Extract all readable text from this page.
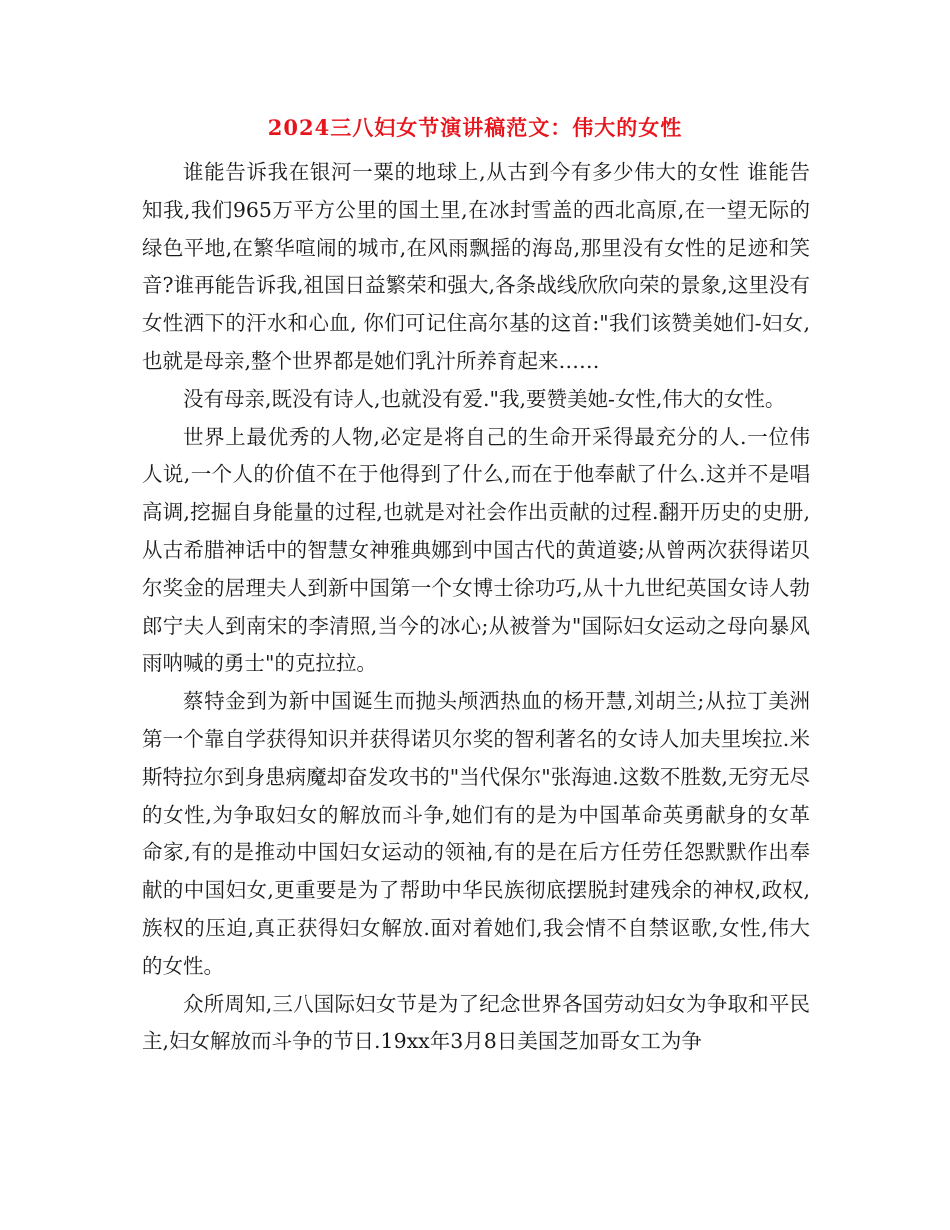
2024三八妇女节演讲稿范文：伟大的女性

谁能告诉我在银河一粟的地球上,从古到今有多少伟大的女性 谁能告知我,我们965万平方公里的国土里,在冰封雪盖的西北高原,在一望无际的绿色平地,在繁华喧闹的城市,在风雨飘摇的海岛,那里没有女性的足迹和笑音?谁再能告诉我,祖国日益繁荣和强大,各条战线欣欣向荣的景象,这里没有女性洒下的汗水和心血, 你们可记住高尔基的这首:"我们该赞美她们-妇女,也就是母亲,整个世界都是她们乳汁所养育起来……

没有母亲,既没有诗人,也就没有爱."我,要赞美她-女性,伟大的女性。

世界上最优秀的人物,必定是将自己的生命开采得最充分的人.一位伟人说,一个人的价值不在于他得到了什么,而在于他奉献了什么.这并不是唱高调,挖掘自身能量的过程,也就是对社会作出贡献的过程.翻开历史的史册,从古希腊神话中的智慧女神雅典娜到中国古代的黄道婆;从曾两次获得诺贝尔奖金的居理夫人到新中国第一个女博士徐功巧,从十九世纪英国女诗人勃郎宁夫人到南宋的李清照,当今的冰心;从被誉为"国际妇女运动之母向暴风雨呐喊的勇士"的克拉拉。

蔡特金到为新中国诞生而抛头颅洒热血的杨开慧,刘胡兰;从拉丁美洲第一个靠自学获得知识并获得诺贝尔奖的智利著名的女诗人加夫里埃拉.米斯特拉尔到身患病魔却奋发攻书的"当代保尔"张海迪.这数不胜数,无穷无尽的女性,为争取妇女的解放而斗争,她们有的是为中国革命英勇献身的女革命家,有的是推动中国妇女运动的领袖,有的是在后方任劳任怨默默作出奉献的中国妇女,更重要是为了帮助中华民族彻底摆脱封建残余的神权,政权,族权的压迫,真正获得妇女解放.面对着她们,我会情不自禁讴歌,女性,伟大的女性。

众所周知,三八国际妇女节是为了纪念世界各国劳动妇女为争取和平民主,妇女解放而斗争的节日.19xx年3月8日美国芝加哥女工为争
